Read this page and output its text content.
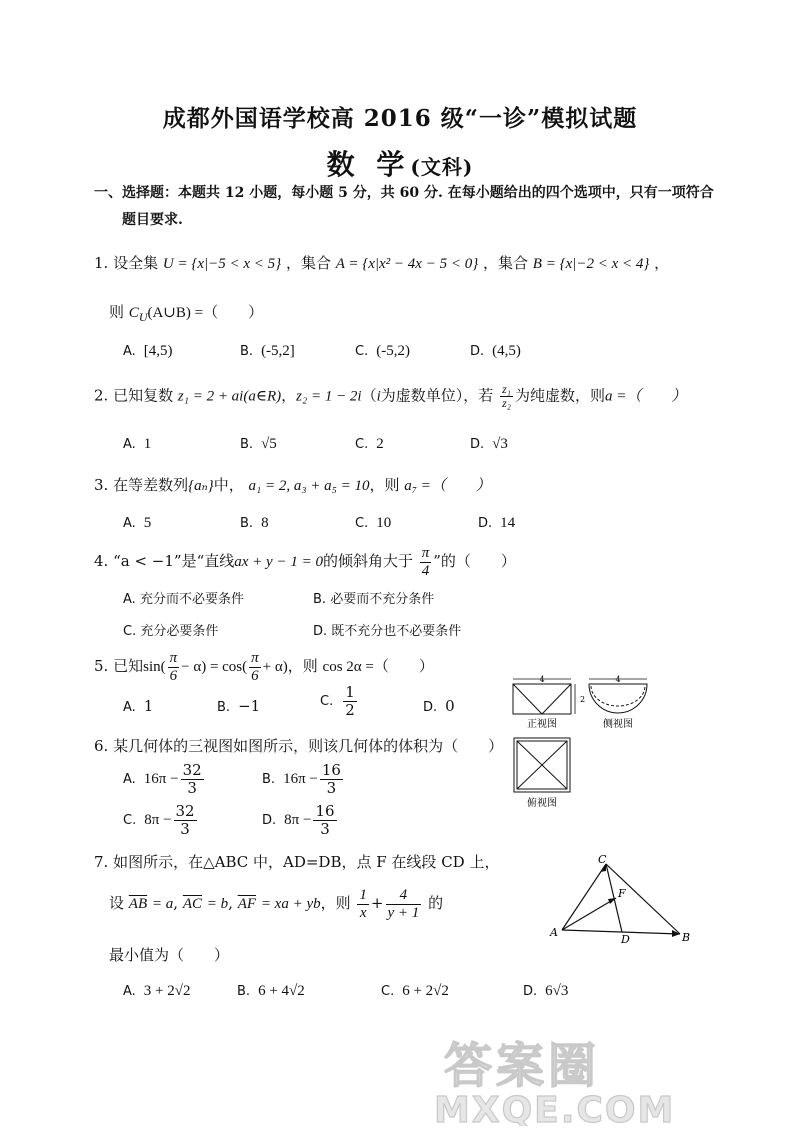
成都外国语学校高 2016 级“一诊”模拟试题
数 学(文科)
一、选择题：本题共 12 小题，每小题 5 分，共 60 分. 在每小题给出的四个选项中，只有一项符合
题目要求.
1. 设全集 U = {x|−5 < x < 5} ，集合 A = {x|x² − 4x − 5 < 0} ，集合 B = {x|−2 < x < 4} ，
则 $C_U(A\cup B)$ =（　　）
A. [4,5)	B. (-5,2]	C. (-5,2)	D. (4,5)
2. 已知复数 z₁ = 2 + ai(a∈R)，z₂ = 1 − 2i（i为虚数单位），若 $\frac{\text{z₁}}{\text{z₂}}$ 为纯虚数，则a =（　　）
A. 1	B. √5	C. 2	D. √3
3. 在等差数列{aₙ}中， a₁ = 2, a₃ + a₅ = 10，则 a₇ =（　　）
A. 5	B. 8	C. 10	D. 14
4. “a < −1”是“直线ax + y − 1 = 0的倾斜角大于 $\frac{\pi}{4}$ ”的（　　）
A. 充分而不必要条件	B. 必要而不充分条件
C. 充分必要条件	D. 既不充分也不必要条件
5. 已知$\sin( \frac{\pi}{6} - \alpha) = \cos( \frac{\pi}{6} + \alpha)$，则 cos 2α =（　　）
A. 1	B. −1	C. $\frac{1}{2}$	D. 0
6. 某几何体的三视图如图所示，则该几何体的体积为（　　）
A. $16\pi - \frac{32}{3}$	B. $16\pi - \frac{16}{3}$
C. $8\pi - \frac{32}{3}$	D. $8\pi - \frac{16}{3}$
4
2
正视图
4
侧视图
俯视图
7. 如图所示，在△ABC 中，AD=DB，点 F 在线段 CD 上，
设 $\overline{AB} = a$, $\overline{AC} = b$, $\overline{AF}$ = xa + yb，则 $\frac{1}{x} + \frac{4}{y + 1}$ 的
最小值为（　　）
A. 3 + 2√2	B. 6 + 4√2	C. 6 + 2√2	D. 6√3
A	B
C
D
F
答案圈
MXQE.COM
